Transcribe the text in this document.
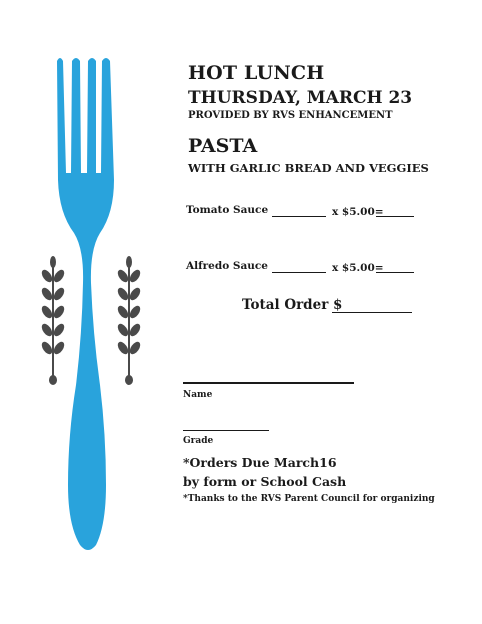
HOT LUNCH
THURSDAY, MARCH 23
PROVIDED BY RVS ENHANCEMENT
PASTA
WITH GARLIC BREAD AND VEGGIES
Tomato Sauce	x $5.00=
Alfredo Sauce	x $5.00=
Total Order $
Name
Grade
*Orders Due March16
by form or School Cash
*Thanks to the RVS Parent Council for organizing
